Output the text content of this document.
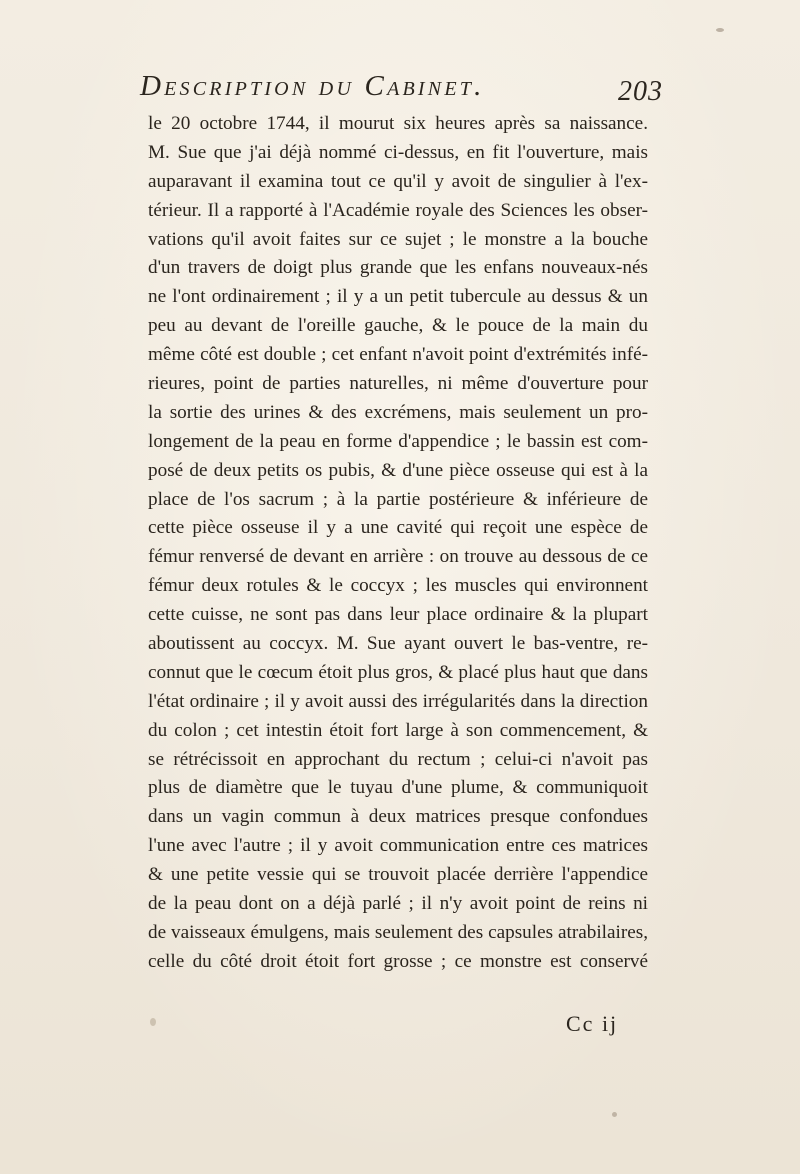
Description du Cabinet.	203
le 20 octobre 1744, il mourut six heures après sa naissance.
M. Sue que j'ai déjà nommé ci-dessus, en fit l'ouverture, mais
auparavant il examina tout ce qu'il y avoit de singulier à l'ex-
térieur. Il a rapporté à l'Académie royale des Sciences les obser-
vations qu'il avoit faites sur ce sujet ; le monstre a la bouche
d'un travers de doigt plus grande que les enfans nouveaux-nés
ne l'ont ordinairement ; il y a un petit tubercule au dessus & un
peu au devant de l'oreille gauche, & le pouce de la main du
même côté est double ; cet enfant n'avoit point d'extrémités infé-
rieures, point de parties naturelles, ni même d'ouverture pour
la sortie des urines & des excrémens, mais seulement un pro-
longement de la peau en forme d'appendice ; le bassin est com-
posé de deux petits os pubis, & d'une pièce osseuse qui est à la
place de l'os sacrum ; à la partie postérieure & inférieure de
cette pièce osseuse il y a une cavité qui reçoit une espèce de
fémur renversé de devant en arrière : on trouve au dessous de ce
fémur deux rotules & le coccyx ; les muscles qui environnent
cette cuisse, ne sont pas dans leur place ordinaire & la plupart
aboutissent au coccyx. M. Sue ayant ouvert le bas-ventre, re-
connut que le cœcum étoit plus gros, & placé plus haut que dans
l'état ordinaire ; il y avoit aussi des irrégularités dans la direction
du colon ; cet intestin étoit fort large à son commencement, &
se rétrécissoit en approchant du rectum ; celui-ci n'avoit pas
plus de diamètre que le tuyau d'une plume, & communiquoit
dans un vagin commun à deux matrices presque confondues
l'une avec l'autre ; il y avoit communication entre ces matrices
& une petite vessie qui se trouvoit placée derrière l'appendice
de la peau dont on a déjà parlé ; il n'y avoit point de reins ni
de vaisseaux émulgens, mais seulement des capsules atrabilaires,
celle du côté droit étoit fort grosse ; ce monstre est conservé
Cc ij
